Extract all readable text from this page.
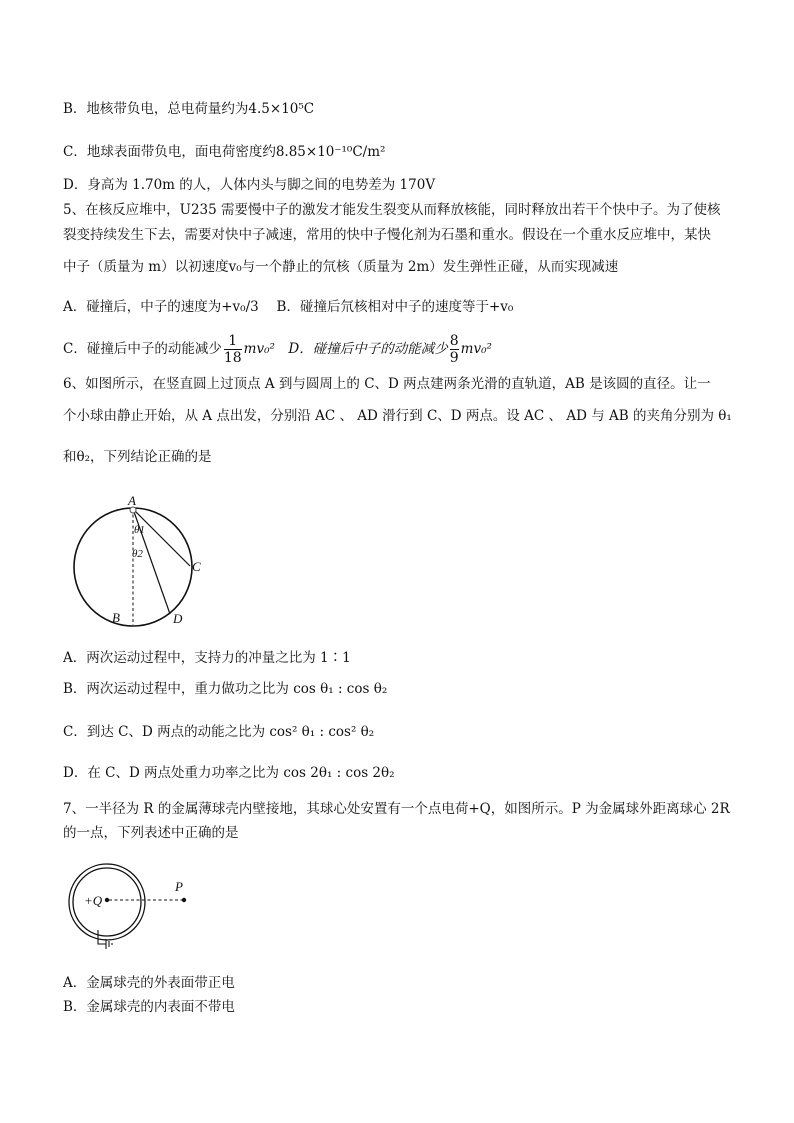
B．地核带负电，总电荷量约为4.5×10⁵C
C．地球表面带负电，面电荷密度约8.85×10⁻¹⁰C/m²
D．身高为 1.70m 的人，人体内头与脚之间的电势差为 170V
5、在核反应堆中，U235 需要慢中子的激发才能发生裂变从而释放核能，同时释放出若干个快中子。为了使核
裂变持续发生下去，需要对快中子减速，常用的快中子慢化剂为石墨和重水。假设在一个重水反应堆中，某快
中子（质量为 m）以初速度v₀与一个静止的氘核（质量为 2m）发生弹性正碰，从而实现减速
A．碰撞后，中子的速度为+v₀/3　 B．碰撞后氘核相对中子的速度等于+v₀
C．碰撞后中子的动能减少 $\frac{1}{18} mv_0^2$　D．碰撞后中子的动能减少 $\frac{8}{9} mv_0^2$
6、如图所示，在竖直圆上过顶点 A 到与圆周上的 C、D 两点建两条光滑的直轨道，AB 是该圆的直径。让一
个小球由静止开始，从 A 点出发，分别沿 AC 、 AD 滑行到 C、D 两点。设 AC 、 AD 与 AB 的夹角分别为 θ₁
和θ₂，下列结论正确的是
A
θ1
θ2
C
B	D
A．两次运动过程中，支持力的冲量之比为 1∶1
B．两次运动过程中，重力做功之比为 cos θ₁ : cos θ₂
C．到达 C、D 两点的动能之比为 cos² θ₁ : cos² θ₂
D．在 C、D 两点处重力功率之比为 cos 2θ₁ : cos 2θ₂
7、一半径为 R 的金属薄球壳内壁接地，其球心处安置有一个点电荷+Q，如图所示。P 为金属球外距离球心 2R
的一点，下列表述中正确的是
+Q
P
A．金属球壳的外表面带正电
B．金属球壳的内表面不带电
